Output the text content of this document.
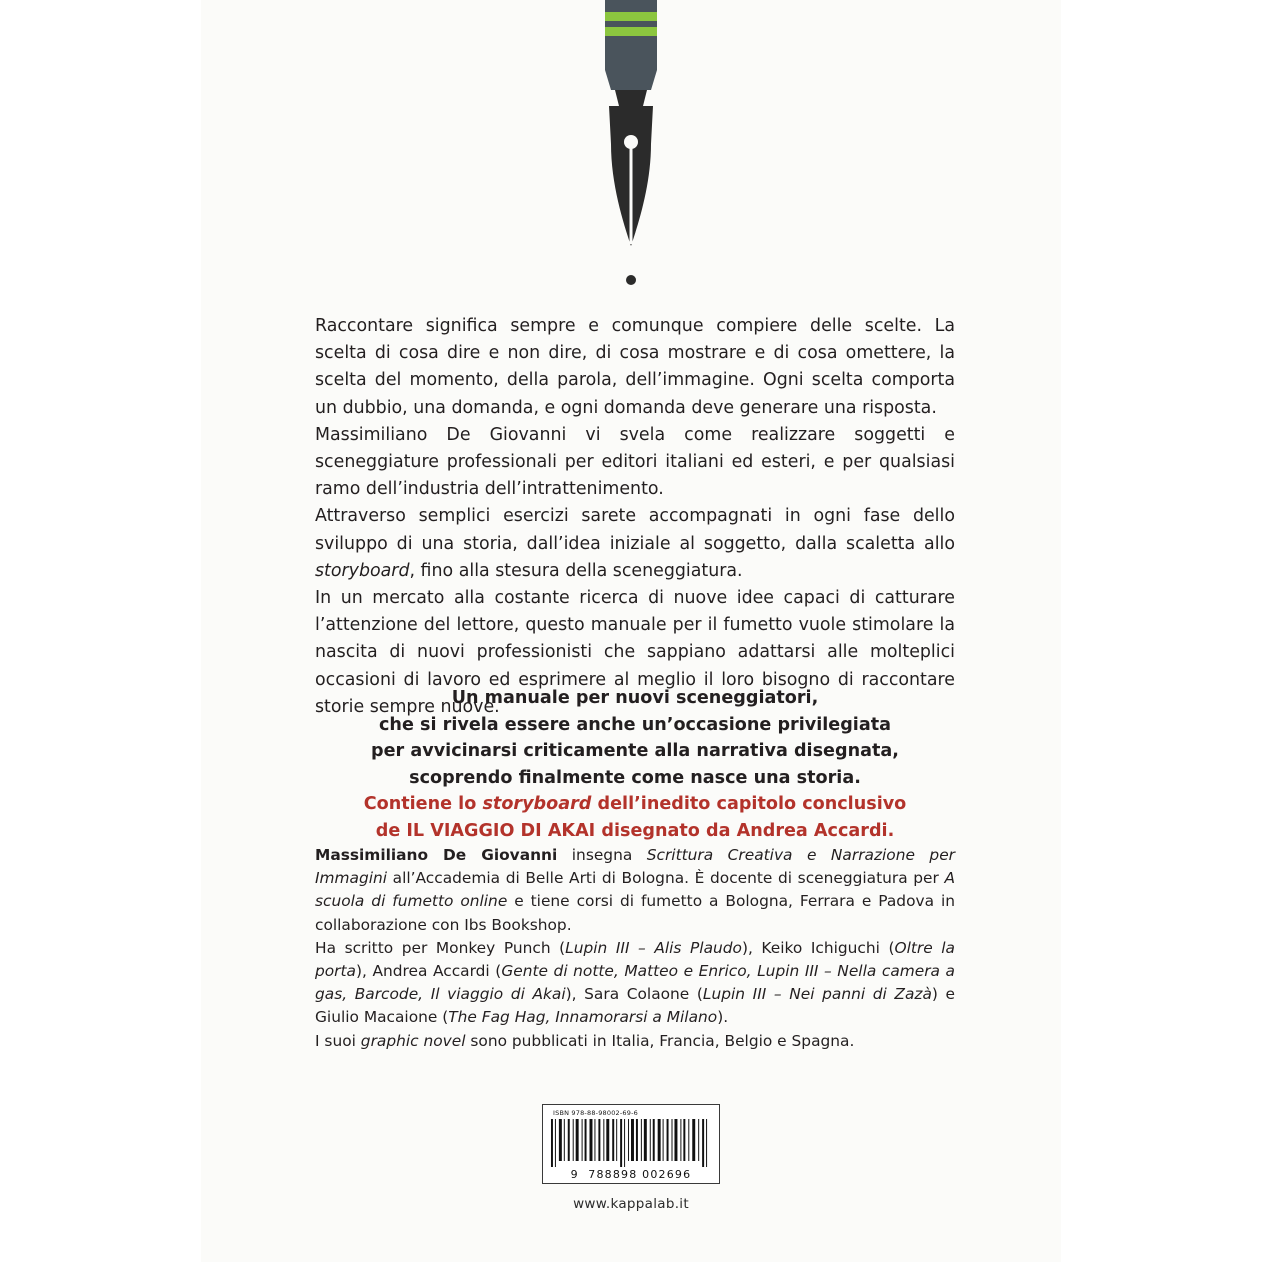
Raccontare significa sempre e comunque compiere delle scelte. La scelta di cosa dire e non dire, di cosa mostrare e di cosa omettere, la scelta del momento, della parola, dell’immagine. Ogni scelta comporta un dubbio, una domanda, e ogni domanda deve generare una risposta.

Massimiliano De Giovanni vi svela come realizzare soggetti e sceneggiature professionali per editori italiani ed esteri, e per qualsiasi ramo dell’industria dell’intrattenimento.

Attraverso semplici esercizi sarete accompagnati in ogni fase dello sviluppo di una storia, dall’idea iniziale al soggetto, dalla scaletta allo storyboard, fino alla stesura della sceneggiatura.

In un mercato alla costante ricerca di nuove idee capaci di catturare l’attenzione del lettore, questo manuale per il fumetto vuole stimolare la nascita di nuovi professionisti che sappiano adattarsi alle molteplici occasioni di lavoro ed esprimere al meglio il loro bisogno di raccontare storie sempre nuove.

Un manuale per nuovi sceneggiatori,
che si rivela essere anche un’occasione privilegiata
per avvicinarsi criticamente alla narrativa disegnata,
scoprendo finalmente come nasce una storia.
Contiene lo storyboard dell’inedito capitolo conclusivo
de IL VIAGGIO DI AKAI disegnato da Andrea Accardi.

Massimiliano De Giovanni insegna Scrittura Creativa e Narrazione per Immagini all’Accademia di Belle Arti di Bologna. È docente di sceneggiatura per A scuola di fumetto online e tiene corsi di fumetto a Bologna, Ferrara e Padova in collaborazione con Ibs Bookshop.

Ha scritto per Monkey Punch (Lupin III – Alis Plaudo), Keiko Ichiguchi (Oltre la porta), Andrea Accardi (Gente di notte, Matteo e Enrico, Lupin III – Nella camera a gas, Barcode, Il viaggio di Akai), Sara Colaone (Lupin III – Nei panni di Zazà) e Giulio Macaione (The Fag Hag, Innamorarsi a Milano).

I suoi graphic novel sono pubblicati in Italia, Francia, Belgio e Spagna.

ISBN 978-88-98002-69-6
9 788898 002696
www.kappalab.it
